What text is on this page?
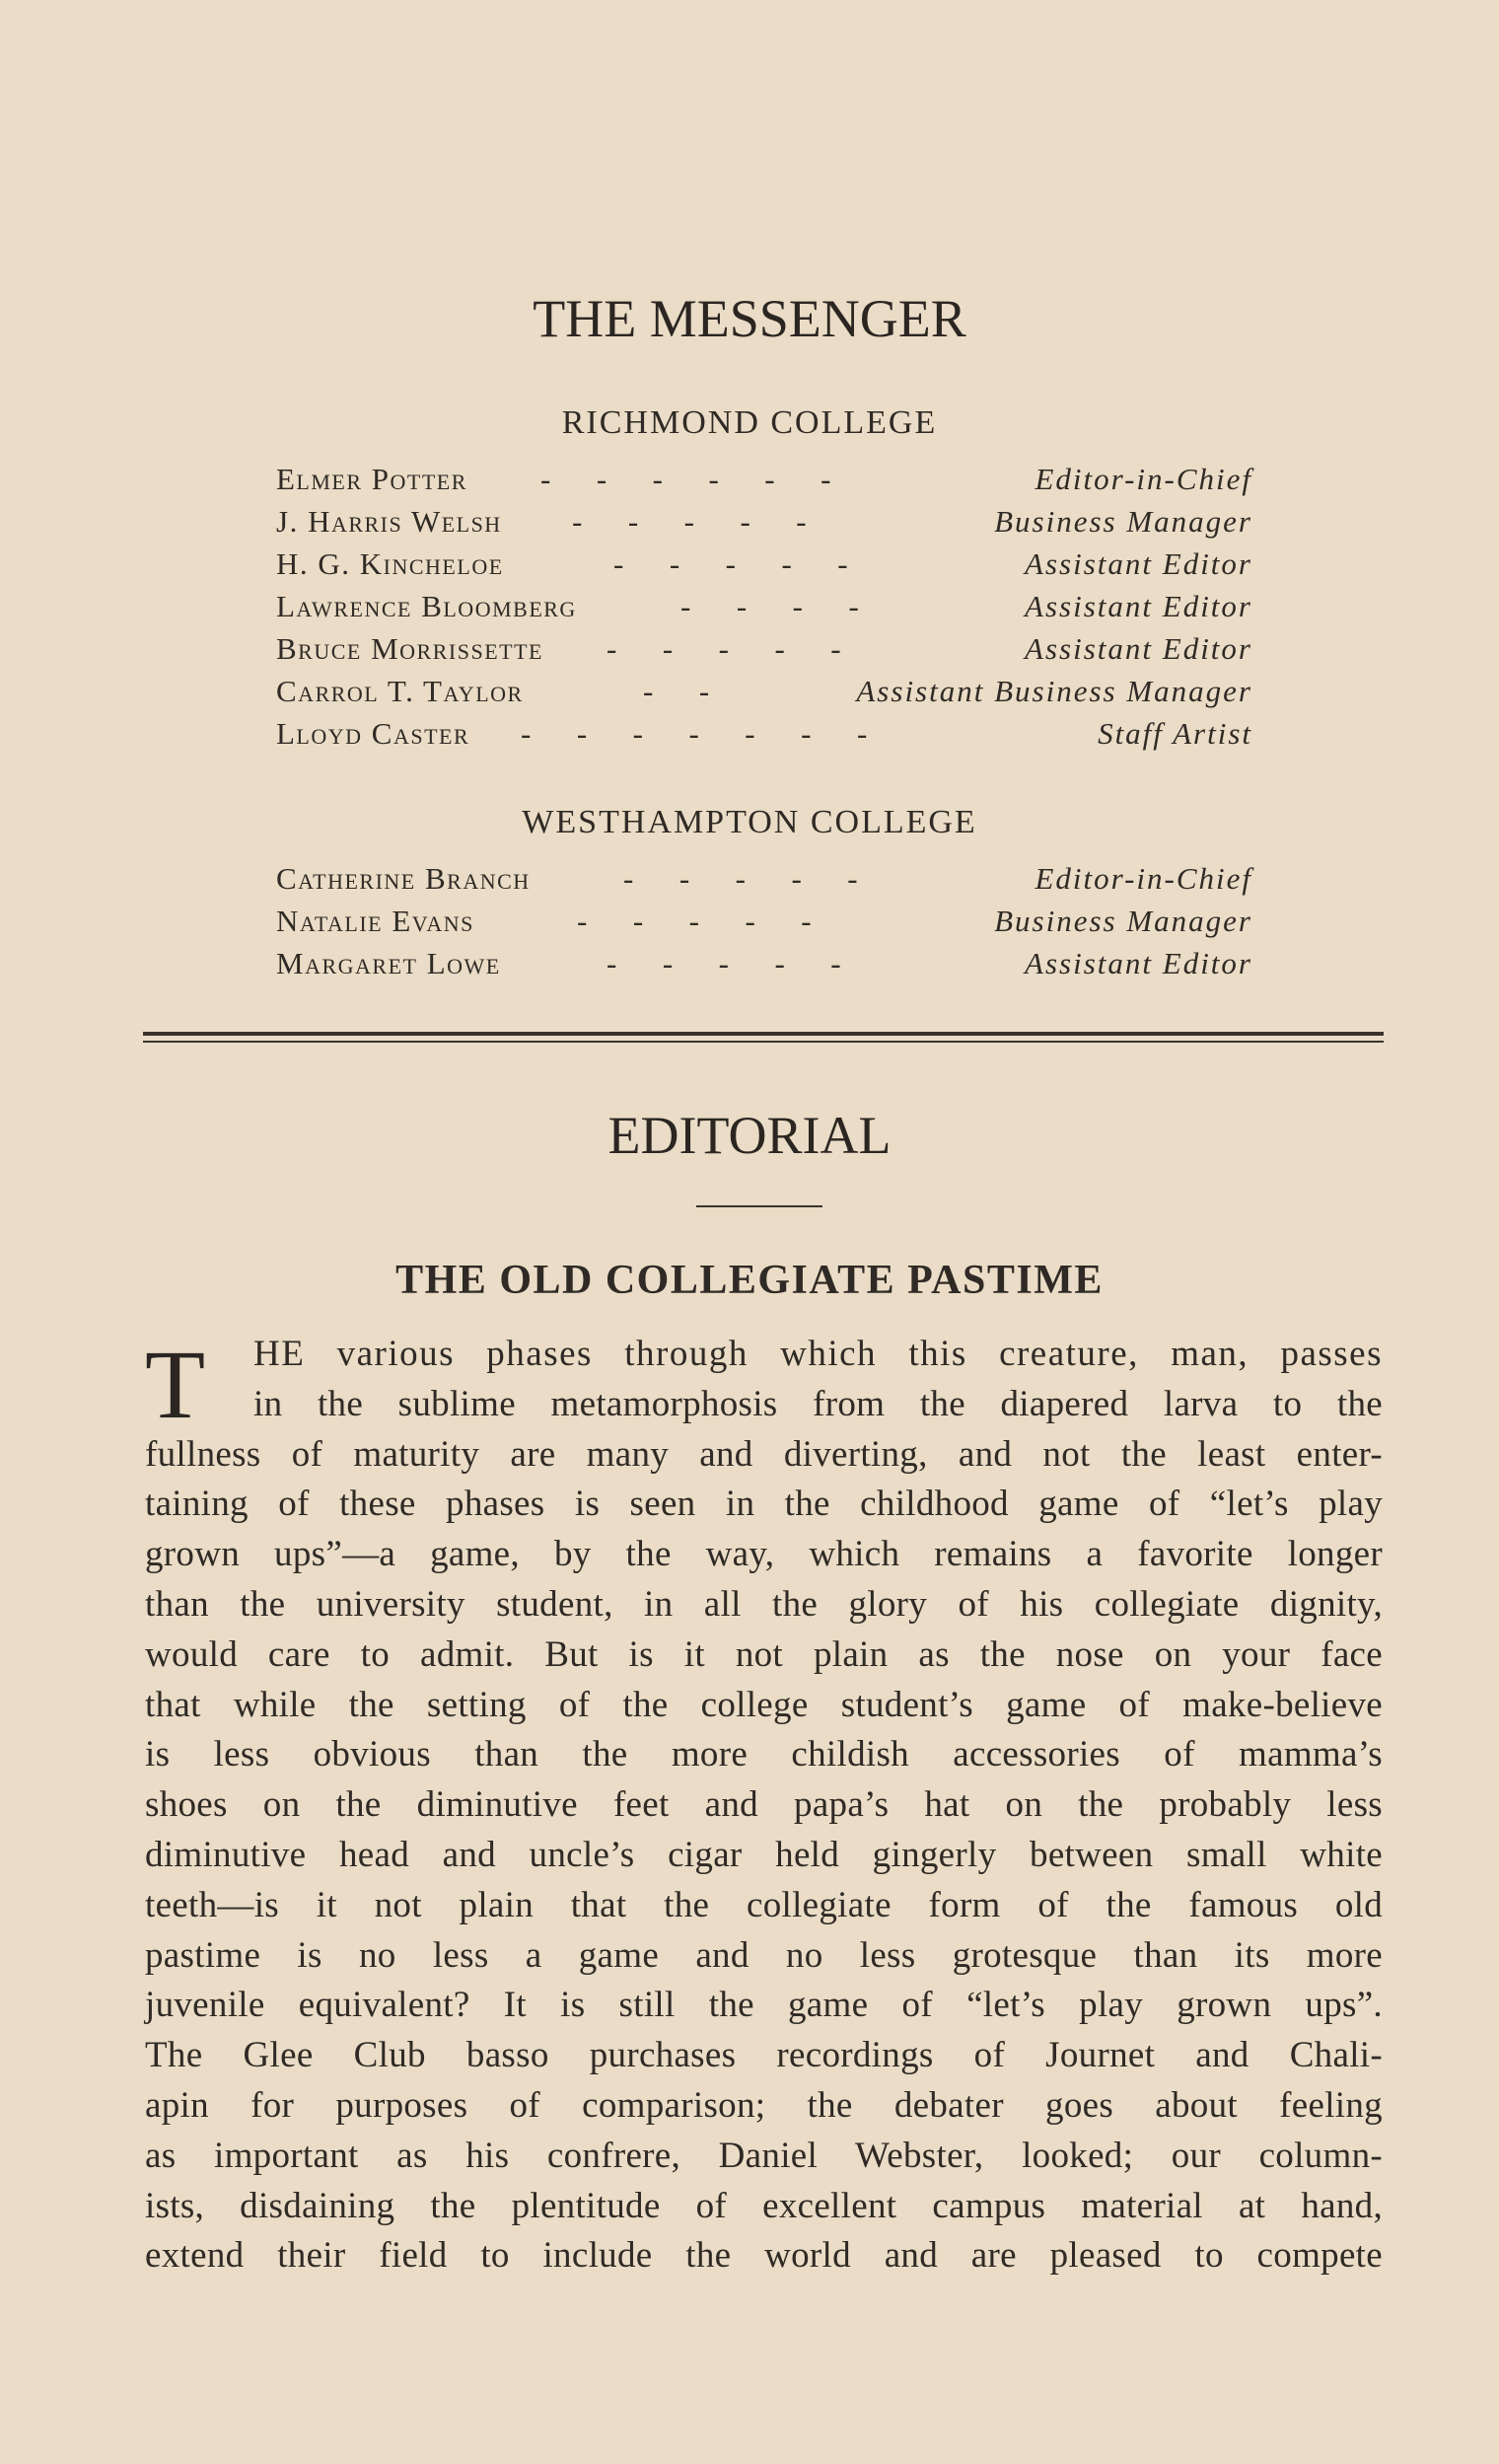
THE MESSENGER
RICHMOND COLLEGE
Elmer Potter -      -      -      -      -      -	Editor-in-Chief
J. Harris Welsh -      -      -      -      -	Business Manager
H. G. Kincheloe	-      -      -      -      -	Assistant Editor
Lawrence Bloomberg	-      -      -      -	Assistant Editor
Bruce Morrissette -      -      -      -      -	Assistant Editor
Carrol T. Taylor	-      -	Assistant Business Manager
Lloyd Caster -      -      -      -      -      -      -	Staff Artist
WESTHAMPTON COLLEGE
Catherine Branch	-      -      -      -      -	Editor-in-Chief
Natalie Evans	-      -      -      -      -	Business Manager
Margaret Lowe	-      -      -      -      -	Assistant Editor
EDITORIAL
THE OLD COLLEGIATE PASTIME
T	HE various phases through which this creature, man, passes
in the sublime metamorphosis from the diapered larva to the
fullness of maturity are many and diverting, and not the least enter-
taining of these phases is seen in the childhood game of “let’s play
grown ups”—a game, by the way, which remains a favorite longer
than the university student, in all the glory of his collegiate dignity,
would care to admit. But is it not plain as the nose on your face
that while the setting of the college student’s game of make-believe
is less obvious than the more childish accessories of mamma’s
shoes on the diminutive feet and papa’s hat on the probably less
diminutive head and uncle’s cigar held gingerly between small white
teeth—is it not plain that the collegiate form of the famous old
pastime is no less a game and no less grotesque than its more
juvenile equivalent? It is still the game of “let’s play grown ups”.
The Glee Club basso purchases recordings of Journet and Chali-
apin for purposes of comparison; the debater goes about feeling
as important as his confrere, Daniel Webster, looked; our column-
ists, disdaining the plentitude of excellent campus material at hand,
extend their field to include the world and are pleased to compete
